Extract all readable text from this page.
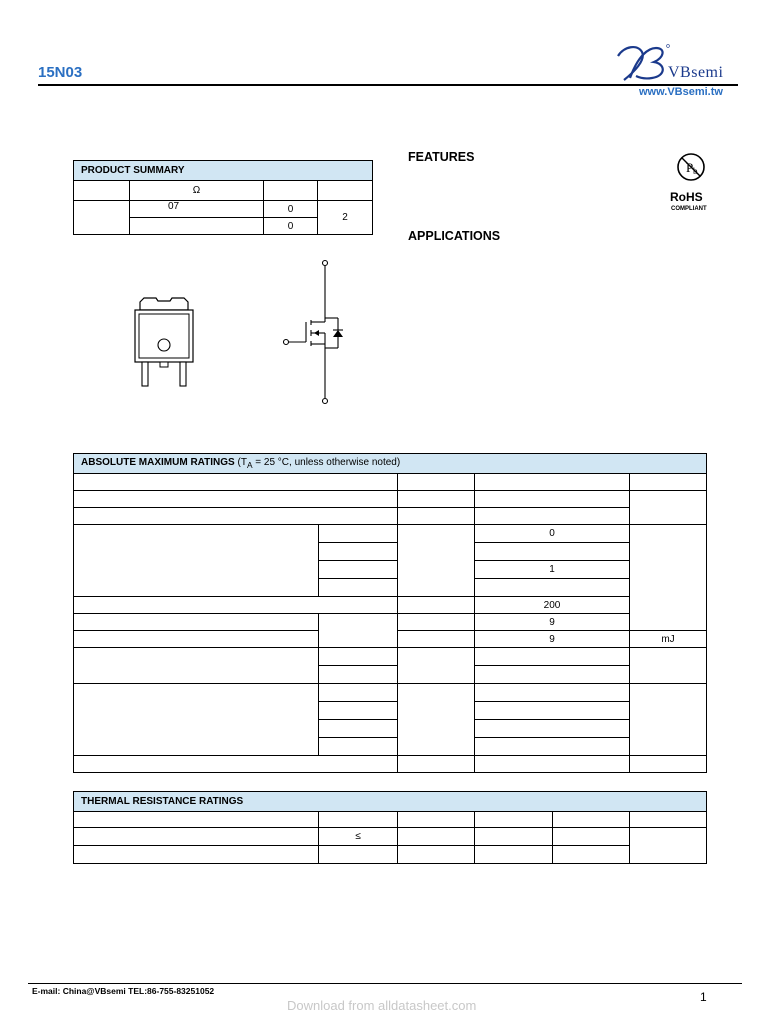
15N03	VBsemi
www.VBsemi.tw
PRODUCT SUMMARY			
	Ω		
	07	0	2
		0	
FEATURES
APPLICATIONS
P b
RoHS
COMPLIANT
ABSOLUTE MAXIMUM RATINGS ($T_A = 25$ °C, unless otherwise noted)				

			0	

			1	

			200	
			9	
			9	mJ

THERMAL RESISTANCE RATINGS					

	≤				

E-mail: China@VBsemi TEL:86-755-83251052	1
Download from alldatasheet.com
